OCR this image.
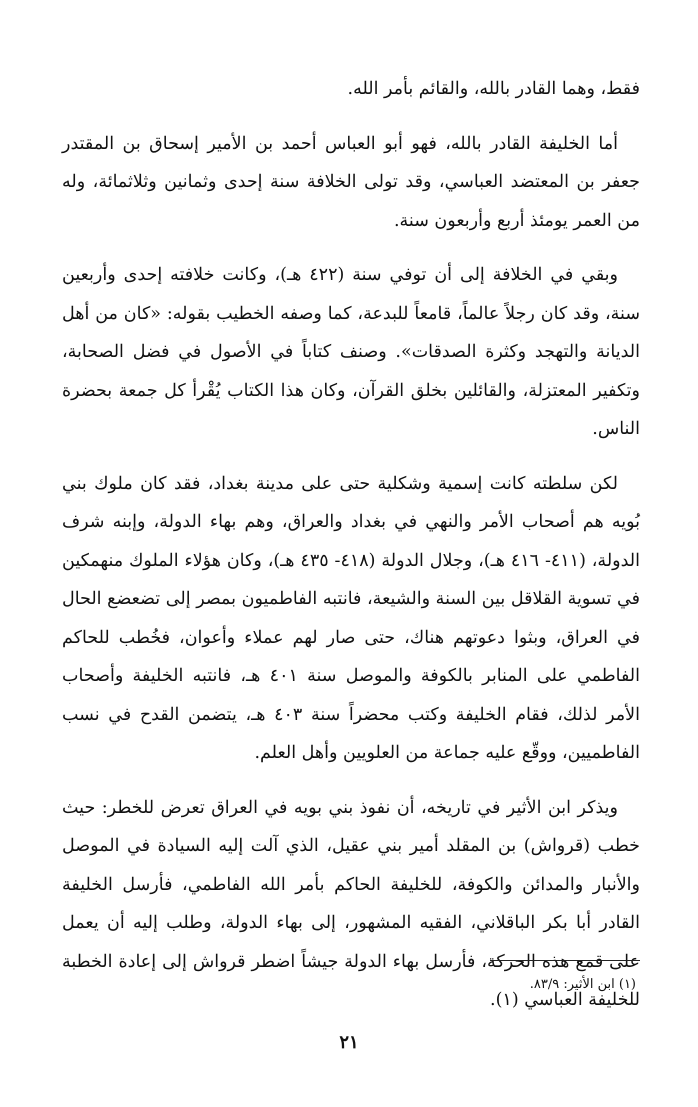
فقط، وهما القادر بالله، والقائم بأمر الله.

أما الخليفة القادر بالله، فهو أبو العباس أحمد بن الأمير إسحاق بن المقتدر جعفر بن المعتضد العباسي، وقد تولى الخلافة سنة إحدى وثمانين وثلاثمائة، وله من العمر يومئذ أربع وأربعون سنة.

وبقي في الخلافة إلى أن توفي سنة (٤٢٢ هـ)، وكانت خلافته إحدى وأربعين سنة، وقد كان رجلاً عالماً، قامعاً للبدعة، كما وصفه الخطيب بقوله: «كان من أهل الديانة والتهجد وكثرة الصدقات». وصنف كتاباً في الأصول في فضل الصحابة، وتكفير المعتزلة، والقائلين بخلق القرآن، وكان هذا الكتاب يُقْرأ كل جمعة بحضرة الناس.

لكن سلطته كانت إسمية وشكلية حتى على مدينة بغداد، فقد كان ملوك بني بُويه هم أصحاب الأمر والنهي في بغداد والعراق، وهم بهاء الدولة، وإبنه شرف الدولة، (٤١١- ٤١٦ هـ)، وجلال الدولة (٤١٨- ٤٣٥ هـ)، وكان هؤلاء الملوك منهمكين في تسوية القلاقل بين السنة والشيعة، فانتبه الفاطميون بمصر إلى تضعضع الحال في العراق، وبثوا دعوتهم هناك، حتى صار لهم عملاء وأعوان، فخُطب للحاكم الفاطمي على المنابر بالكوفة والموصل سنة ٤٠١ هـ، فانتبه الخليفة وأصحاب الأمر لذلك، فقام الخليفة وكتب محضراً سنة ٤٠٣ هـ، يتضمن القدح في نسب الفاطميين، ووقّع عليه جماعة من العلويين وأهل العلم.

ويذكر ابن الأثير في تاريخه، أن نفوذ بني بويه في العراق تعرض للخطر: حيث خطب (قرواش) بن المقلد أمير بني عقيل، الذي آلت إليه السيادة في الموصل والأنبار والمدائن والكوفة، للخليفة الحاكم بأمر الله الفاطمي، فأرسل الخليفة القادر أبا بكر الباقلاني، الفقيه المشهور، إلى بهاء الدولة، وطلب إليه أن يعمل على قمع هذه الحركة، فأرسل بهاء الدولة جيشاً اضطر قرواش إلى إعادة الخطبة للخليفة العباسي (١).

(١) ابن الأثير: ٨٣/٩.
٢١
